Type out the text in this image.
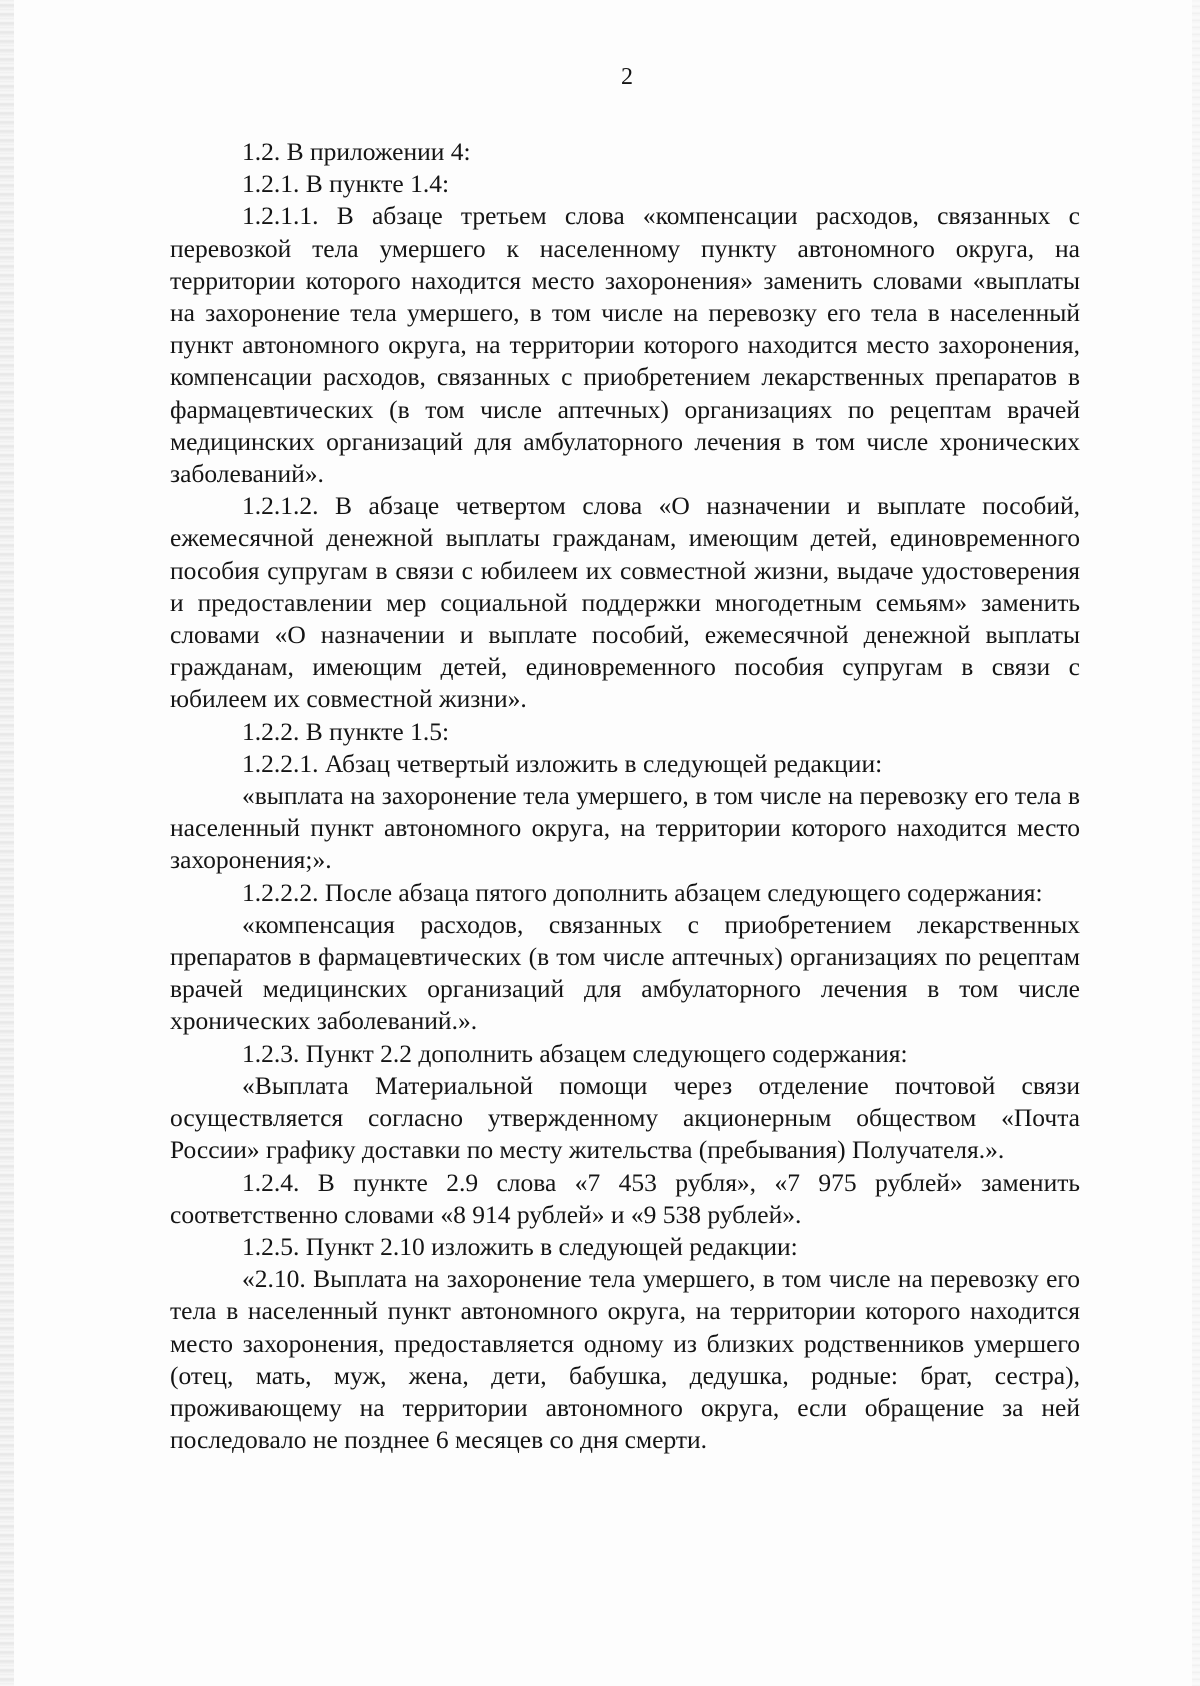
2

1.2. В приложении 4:

1.2.1. В пункте 1.4:

1.2.1.1. В абзаце третьем слова «компенсации расходов, связанных с перевозкой тела умершего к населенному пункту автономного округа, на территории которого находится место захоронения» заменить словами «выплаты на захоронение тела умершего, в том числе на перевозку его тела в населенный пункт автономного округа, на территории которого находится место захоронения, компенсации расходов, связанных с приобретением лекарственных препаратов в фармацевтических (в том числе аптечных) организациях по рецептам врачей медицинских организаций для амбулаторного лечения в том числе хронических заболеваний».

1.2.1.2. В абзаце четвертом слова «О назначении и выплате пособий, ежемесячной денежной выплаты гражданам, имеющим детей, единовременного пособия супругам в связи с юбилеем их совместной жизни, выдаче удостоверения и предоставлении мер социальной поддержки многодетным семьям» заменить словами «О назначении и выплате пособий, ежемесячной денежной выплаты гражданам, имеющим детей, единовременного пособия супругам в связи с юбилеем их совместной жизни».

1.2.2. В пункте 1.5:

1.2.2.1. Абзац четвертый изложить в следующей редакции:

«выплата на захоронение тела умершего, в том числе на перевозку его тела в населенный пункт автономного округа, на территории которого находится место захоронения;».

1.2.2.2. После абзаца пятого дополнить абзацем следующего содержания:

«компенсация расходов, связанных с приобретением лекарственных препаратов в фармацевтических (в том числе аптечных) организациях по рецептам врачей медицинских организаций для амбулаторного лечения в том числе хронических заболеваний.».

1.2.3. Пункт 2.2 дополнить абзацем следующего содержания:

«Выплата Материальной помощи через отделение почтовой связи осуществляется согласно утвержденному акционерным обществом «Почта России» графику доставки по месту жительства (пребывания) Получателя.».

1.2.4. В пункте 2.9 слова «7 453 рубля», «7 975 рублей» заменить соответственно словами «8 914 рублей» и «9 538 рублей».

1.2.5. Пункт 2.10 изложить в следующей редакции:

«2.10. Выплата на захоронение тела умершего, в том числе на перевозку его тела в населенный пункт автономного округа, на территории которого находится место захоронения, предоставляется одному из близких родственников умершего (отец, мать, муж, жена, дети, бабушка, дедушка, родные: брат, сестра), проживающему на территории автономного округа, если обращение за ней последовало не позднее 6 месяцев со дня смерти.
